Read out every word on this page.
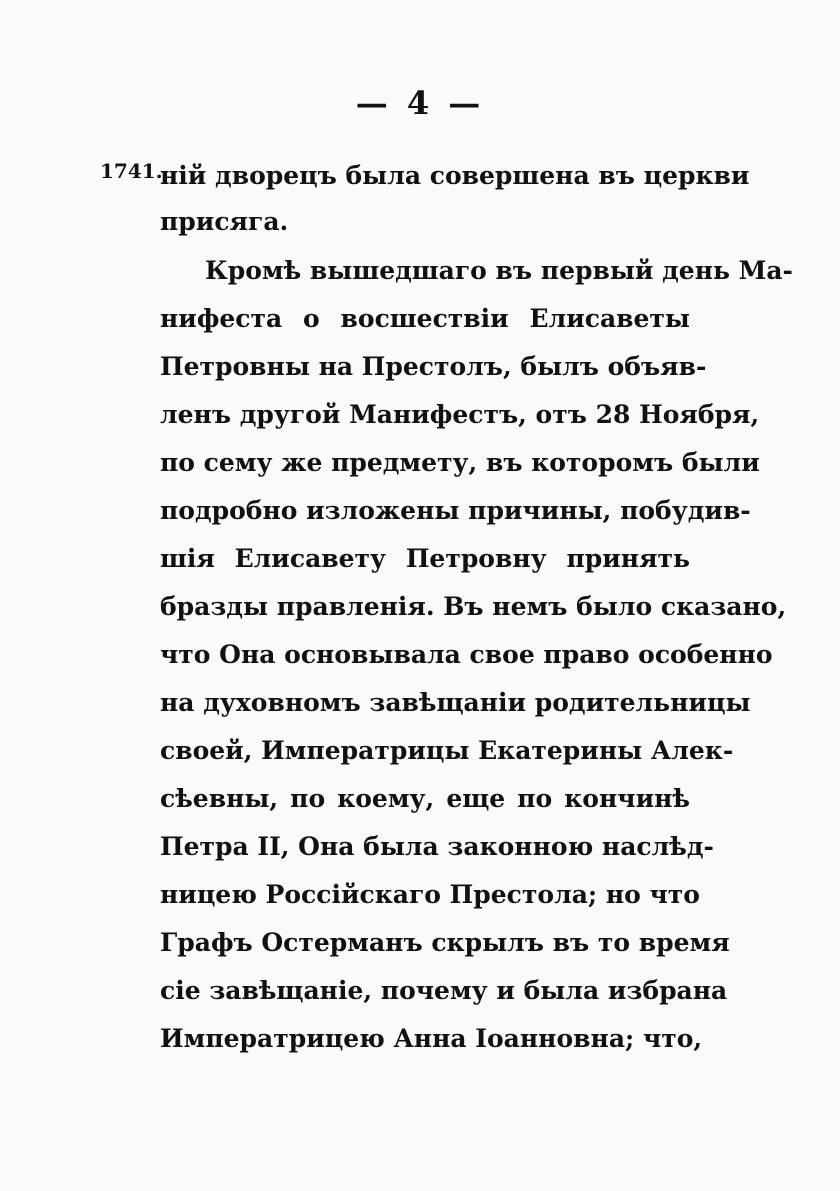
— 4 —
1741.
ній дворецъ была совершена въ церкви
присяга.
Кромѣ вышедшаго въ первый день Ма-
нифеста о восшествіи Елисаветы
Петровны на Престолъ, былъ объяв-
ленъ другой Манифестъ, отъ 28 Ноября,
по сему же предмету, въ которомъ были
подробно изложены причины, побудив-
шія Елисавету Петровну принять
бразды правленія. Въ немъ было сказано,
что Она основывала свое право особенно
на духовномъ завѣщаніи родительницы
своей, Императрицы Екатерины Алек-
сѣевны, по коему, еще по кончинѣ
Петра II, Она была законною наслѣд-
ницею Россійскаго Престола; но что
Графъ Остерманъ скрылъ въ то время
сіе завѣщаніе, почему и была избрана
Императрицею Анна Іоанновна; что,
